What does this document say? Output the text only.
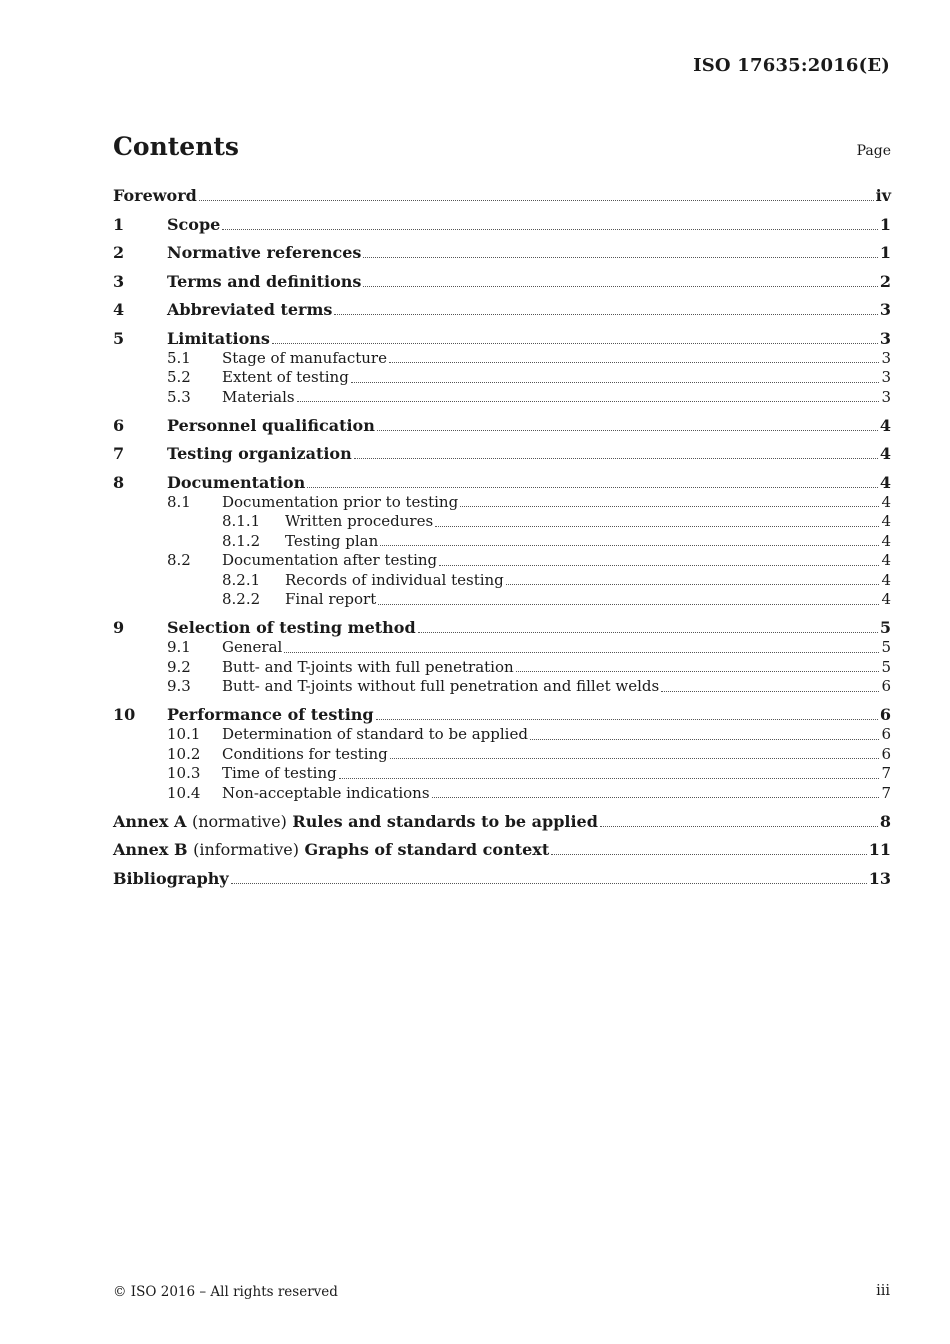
ISO 17635:2016(E)
Contents	Page
Foreword	iv
1	Scope	1
2	Normative references	1
3	Terms and definitions	2
4	Abbreviated terms	3
5	Limitations	3
5.1	Stage of manufacture	3
5.2	Extent of testing	3
5.3	Materials	3
6	Personnel qualification	4
7	Testing organization	4
8	Documentation	4
8.1	Documentation prior to testing	4
8.1.1	Written procedures	4
8.1.2	Testing plan	4
8.2	Documentation after testing	4
8.2.1	Records of individual testing	4
8.2.2	Final report	4
9	Selection of testing method	5
9.1	General	5
9.2	Butt- and T-joints with full penetration	5
9.3	Butt- and T-joints without full penetration and fillet welds	6
10	Performance of testing	6
10.1	Determination of standard to be applied	6
10.2	Conditions for testing	6
10.3	Time of testing	7
10.4	Non-acceptable indications	7
Annex A (normative) Rules and standards to be applied	8
Annex B (informative) Graphs of standard context	11
Bibliography	13
© ISO 2016 – All rights reserved	iii
